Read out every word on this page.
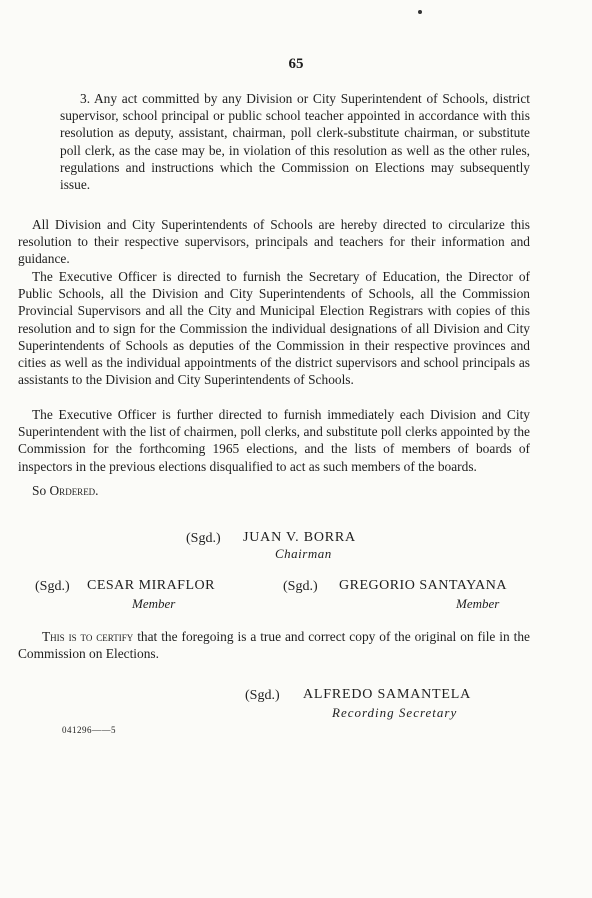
65

3. Any act committed by any Division or City Superintendent of Schools, district supervisor, school principal or public school teacher appointed in accordance with this resolution as deputy, assistant, chairman, poll clerk-substitute chairman, or substitute poll clerk, as the case may be, in violation of this resolution as well as the other rules, regulations and instructions which the Commission on Elections may subsequently issue.

All Division and City Superintendents of Schools are hereby directed to circularize this resolution to their respective supervisors, principals and teachers for their information and guidance.

The Executive Officer is directed to furnish the Secretary of Education, the Director of Public Schools, all the Division and City Superintendents of Schools, all the Commission Provincial Supervisors and all the City and Municipal Election Registrars with copies of this resolution and to sign for the Commission the individual designations of all Division and City Superintendents of Schools as deputies of the Commission in their respective provinces and cities as well as the individual appointments of the district supervisors and school principals as assistants to the Division and City Superintendents of Schools.

The Executive Officer is further directed to furnish immediately each Division and City Superintendent with the list of chairmen, poll clerks, and substitute poll clerks appointed by the Commission for the forthcoming 1965 elections, and the lists of members of boards of inspectors in the previous elections disqualified to act as such members of the boards.

So Ordered.
(Sgd.) JUAN V. BORRA
Chairman
(Sgd.) CESAR MIRAFLOR
Member
(Sgd.) GREGORIO SANTAYANA
Member

This is to certify that the foregoing is a true and correct copy of the original on file in the Commission on Elections.

(Sgd.) ALFREDO SAMANTELA
Recording Secretary
041296——5
